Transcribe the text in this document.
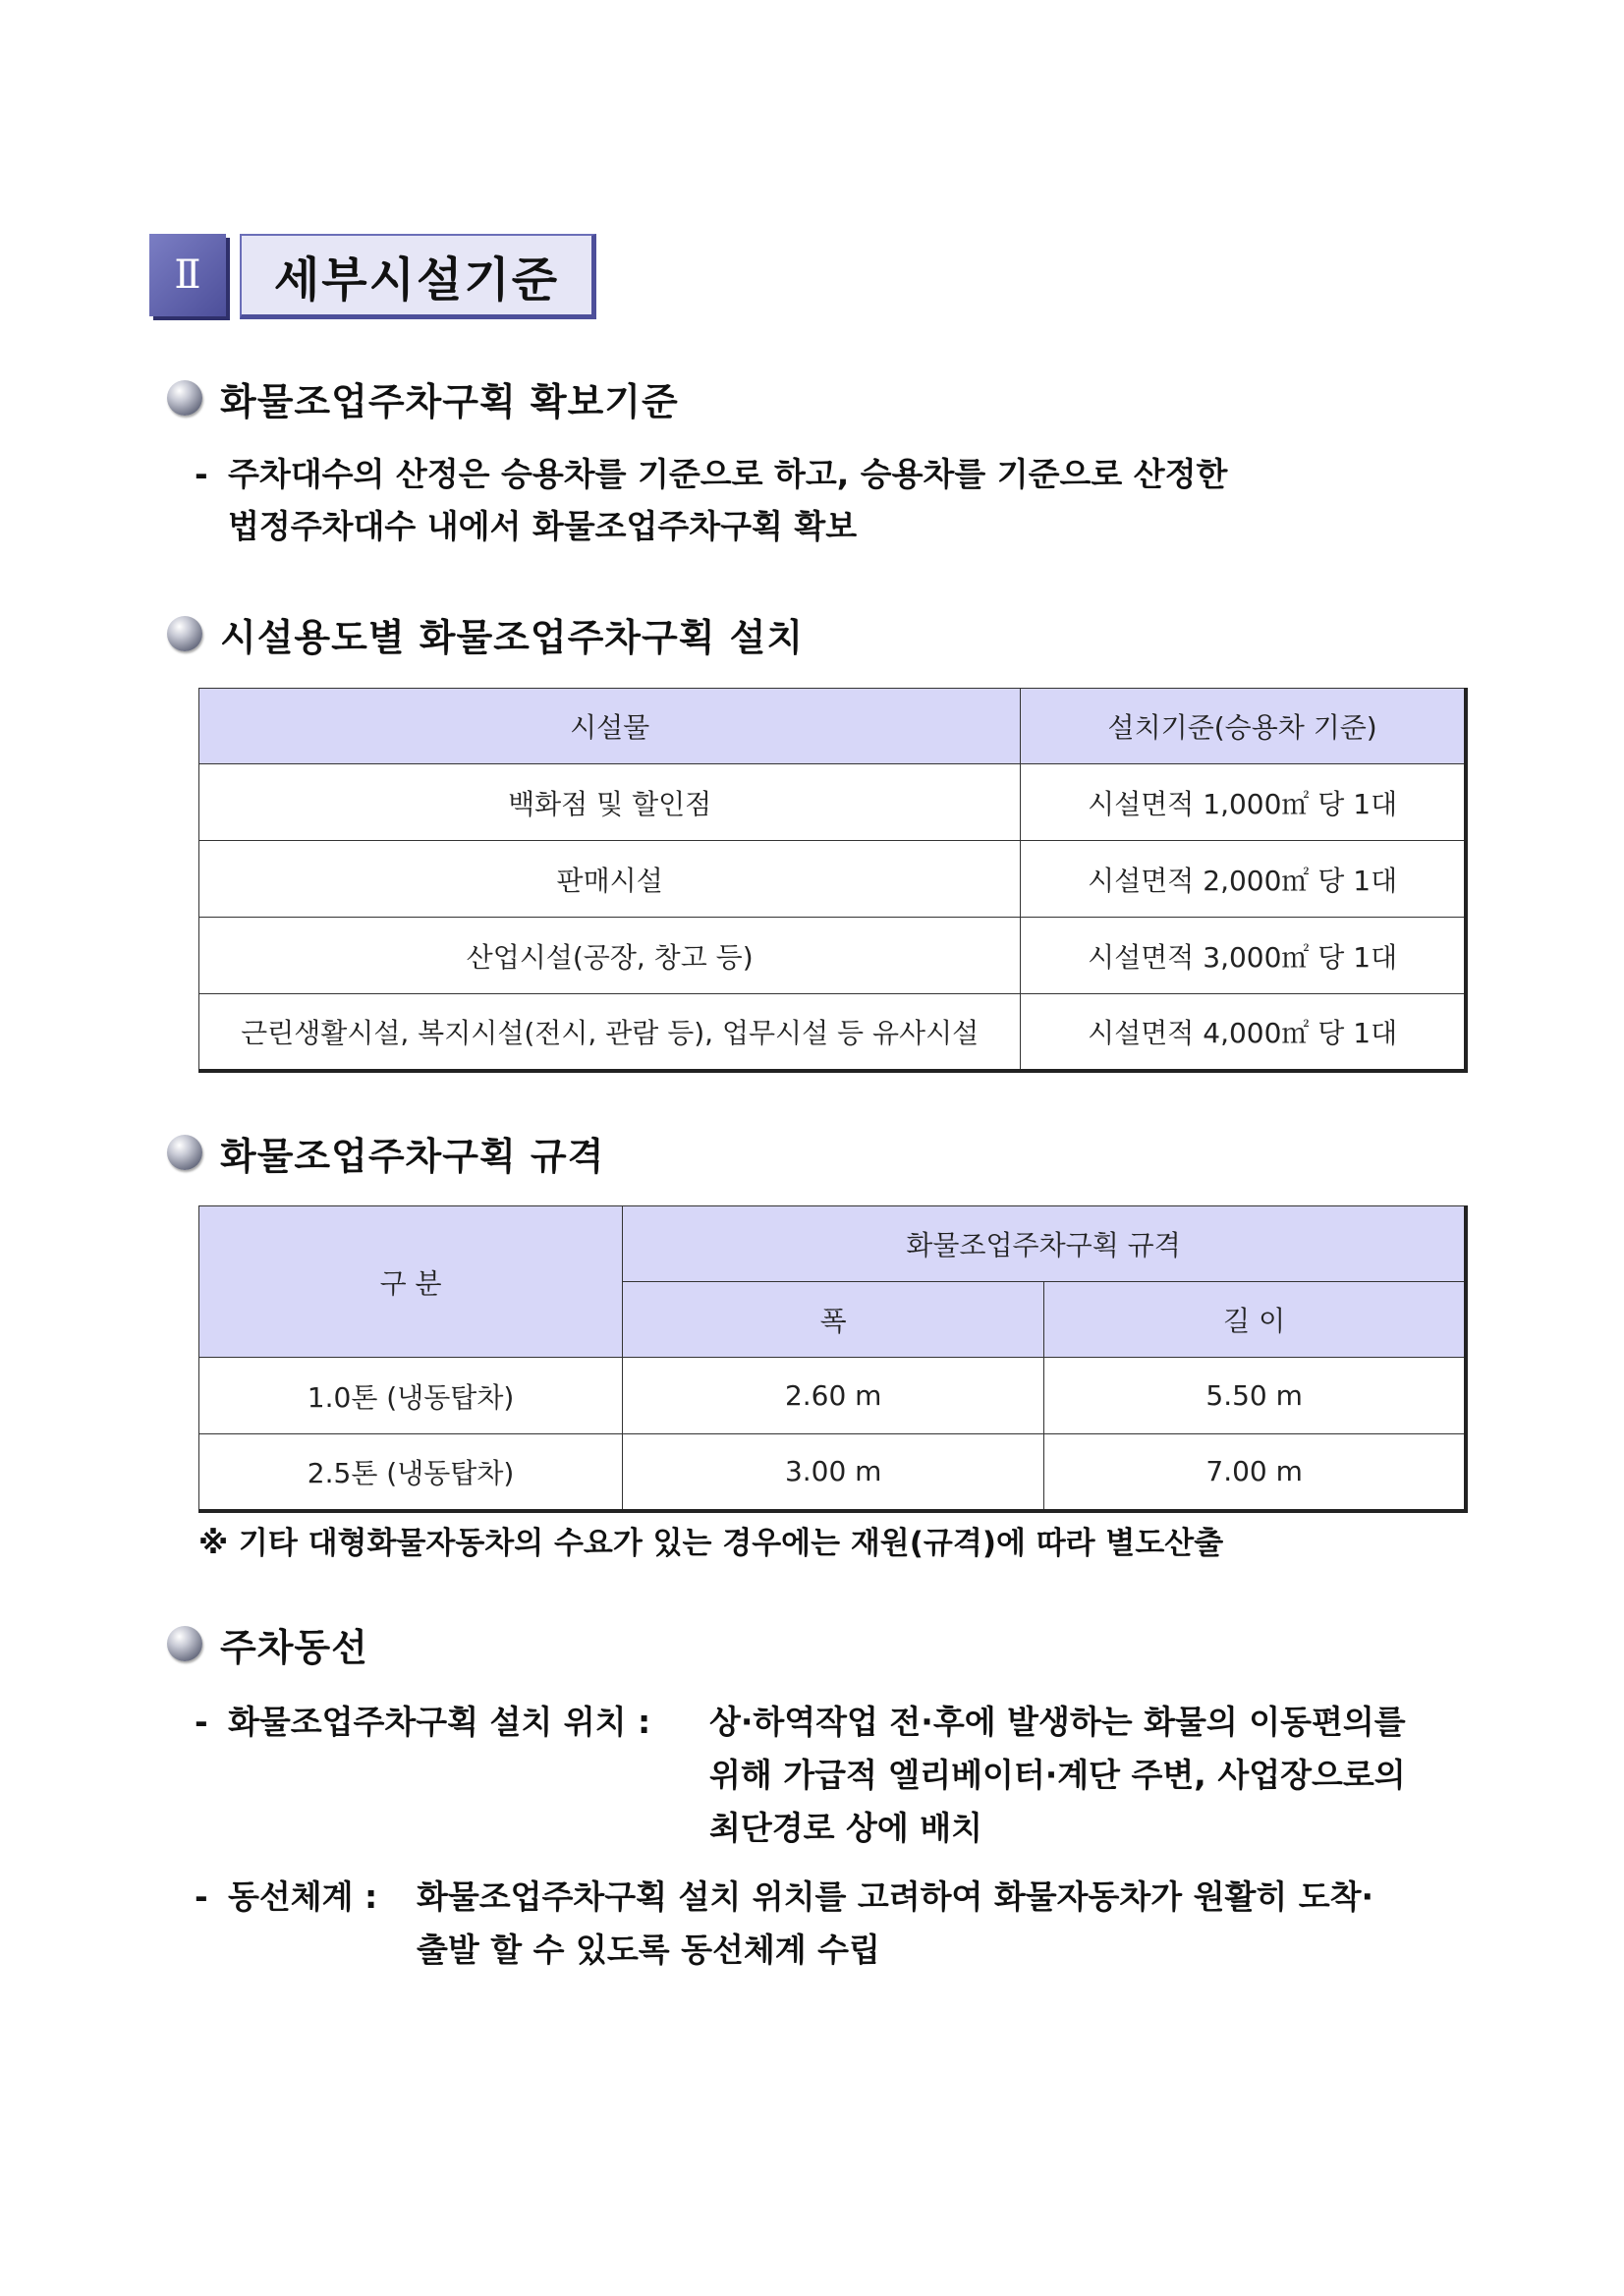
Ⅱ	세부시설기준
화물조업주차구획 확보기준
- 주차대수의 산정은 승용차를 기준으로 하고, 승용차를 기준으로 산정한
법정주차대수 내에서 화물조업주차구획 확보
시설용도별 화물조업주차구획 설치
시설물	설치기준(승용차 기준)
백화점 및 할인점	시설면적 1,000㎡ 당 1대
판매시설	시설면적 2,000㎡ 당 1대
산업시설(공장, 창고 등)	시설면적 3,000㎡ 당 1대
근린생활시설, 복지시설(전시, 관람 등), 업무시설 등 유사시설	시설면적 4,000㎡ 당 1대
화물조업주차구획 규격
구 분	화물조업주차구획 규격	
	폭	길 이
1.0톤 (냉동탑차)	2.60 m	5.50 m
2.5톤 (냉동탑차)	3.00 m	7.00 m
※ 기타 대형화물자동차의 수요가 있는 경우에는 재원(규격)에 따라 별도산출
주차동선
- 화물조업주차구획 설치 위치 : 상·하역작업 전·후에 발생하는 화물의 이동편의를
위해 가급적 엘리베이터·계단 주변, 사업장으로의
최단경로 상에 배치
- 동선체계 : 화물조업주차구획 설치 위치를 고려하여 화물자동차가 원활히 도착·
출발 할 수 있도록 동선체계 수립
